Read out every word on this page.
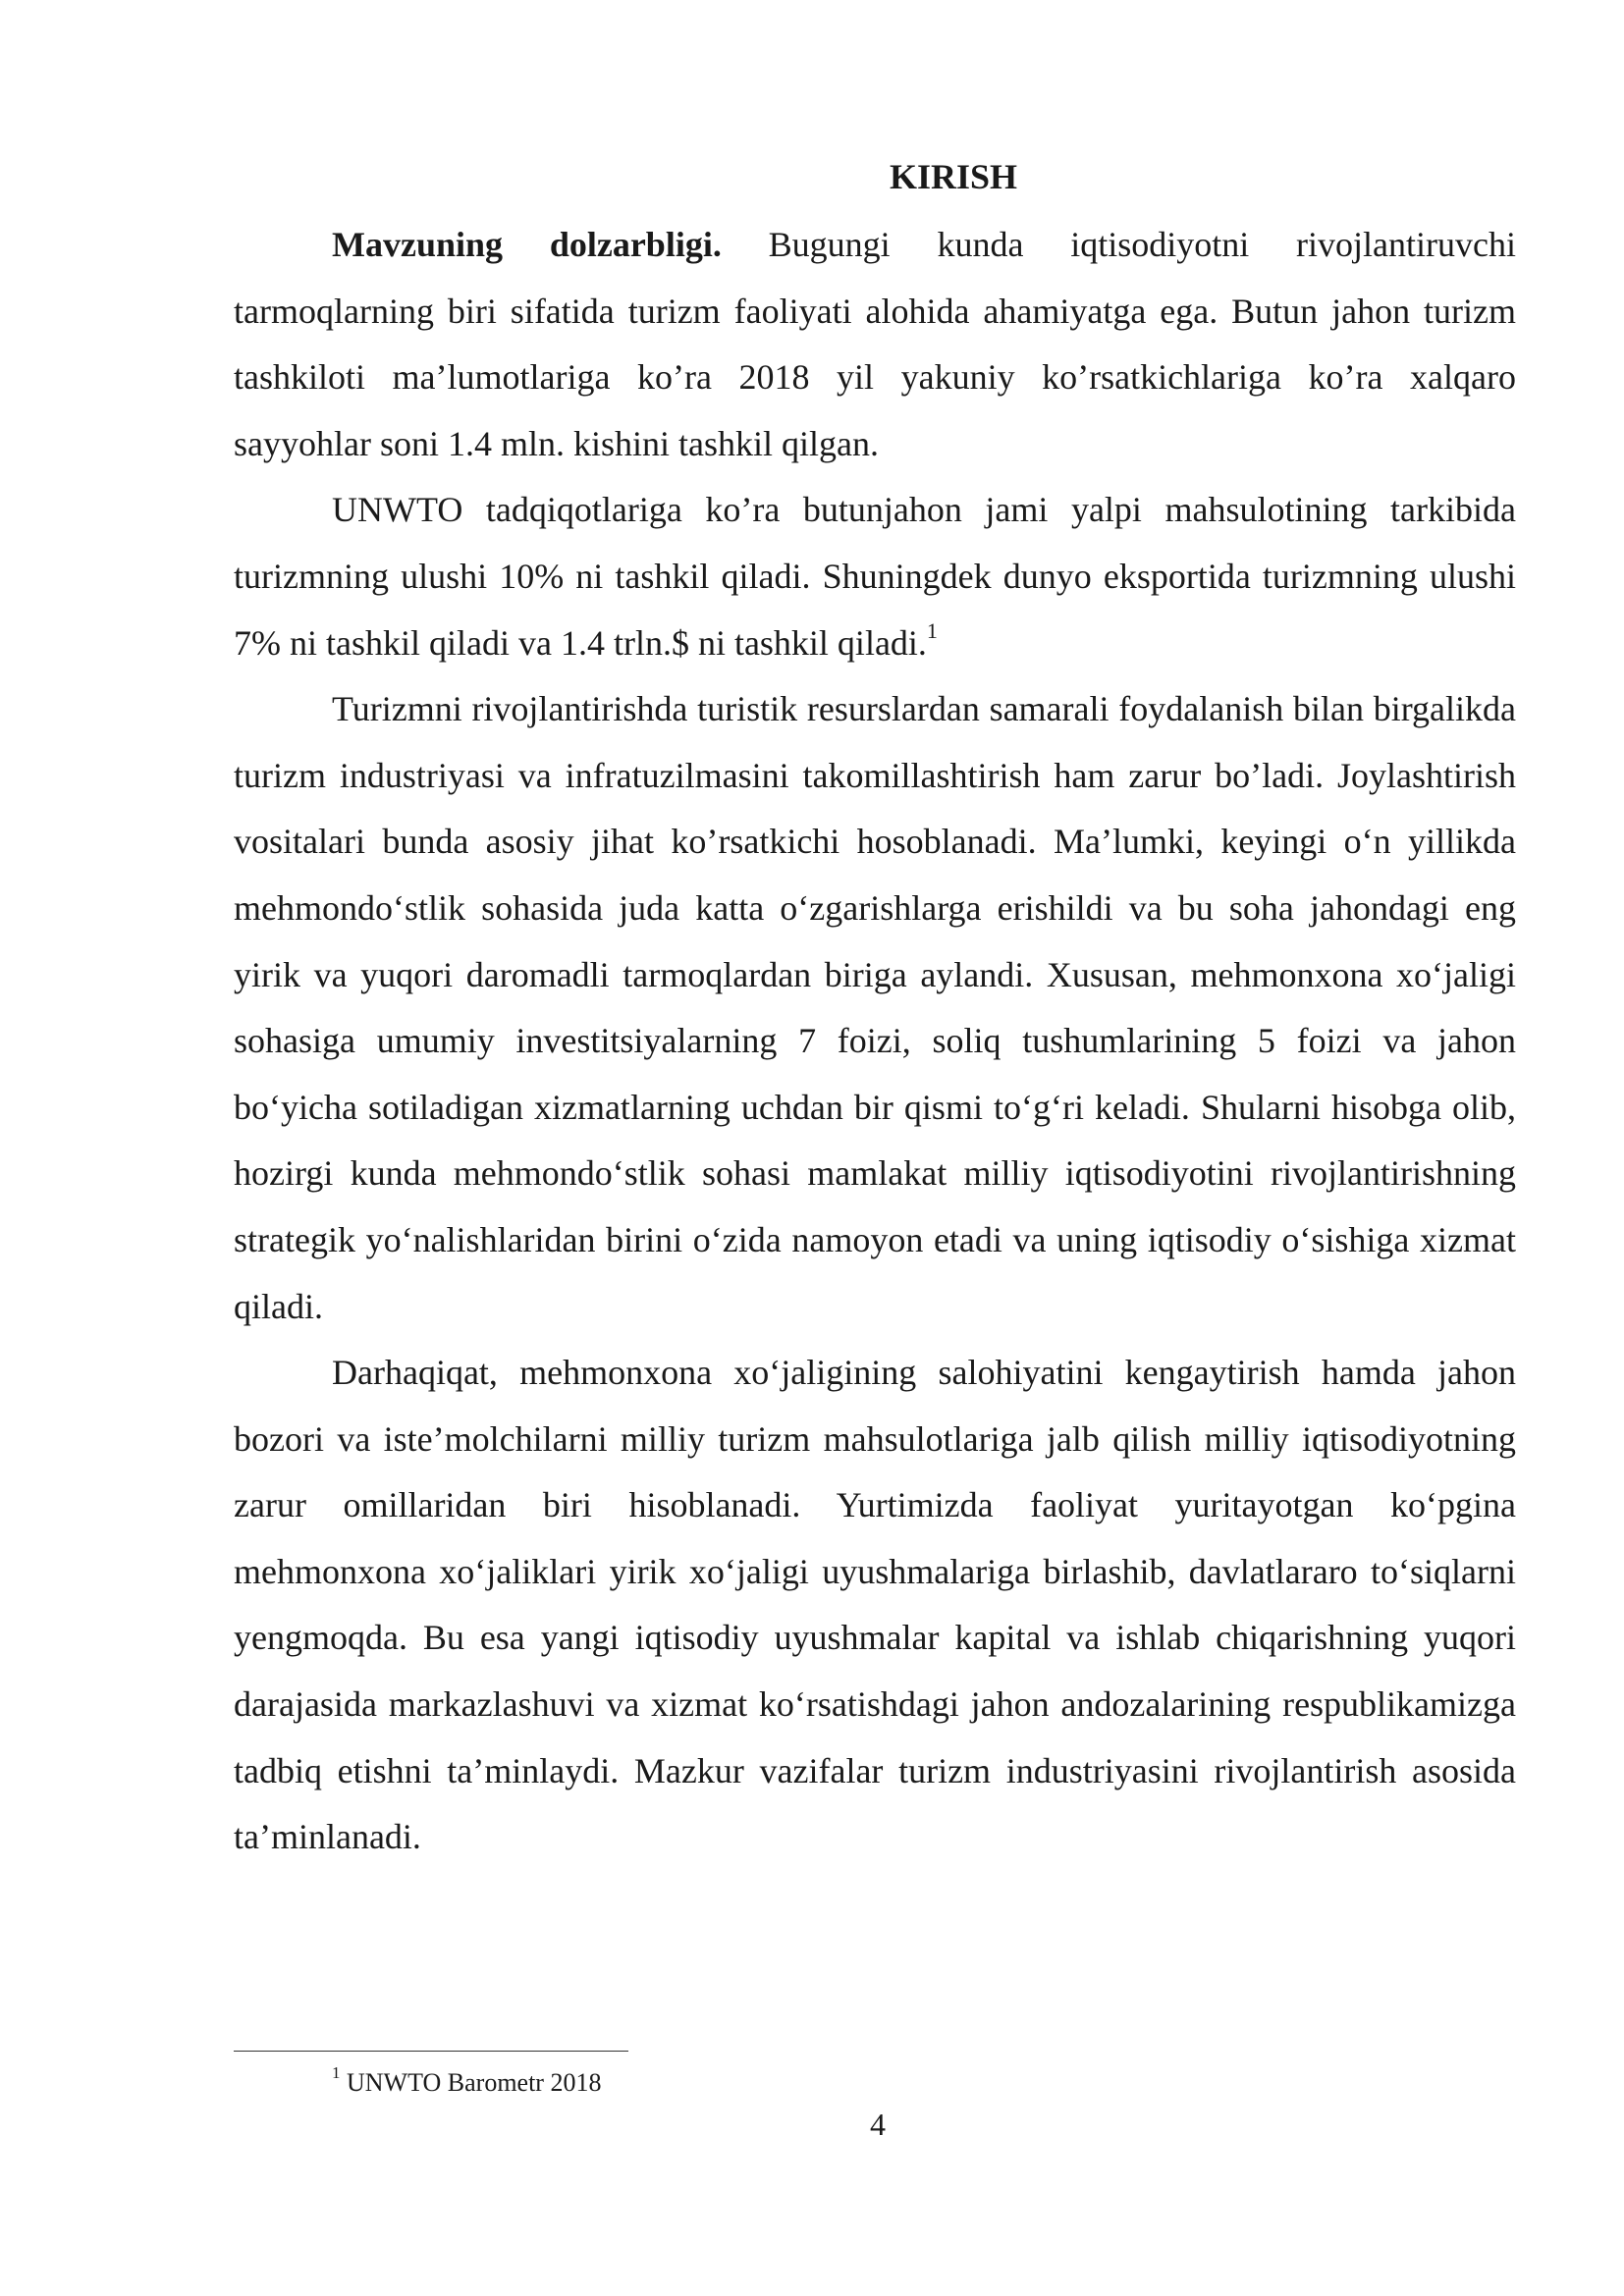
KIRISH

Mavzuning dolzarbligi. Bugungi kunda iqtisodiyotni rivojlantiruvchi tarmoqlarning biri sifatida turizm faoliyati alohida ahamiyatga ega. Butun jahon turizm tashkiloti ma’lumotlariga ko’ra 2018 yil yakuniy ko’rsatkichlariga ko’ra xalqaro sayyohlar soni 1.4 mln. kishini tashkil qilgan.

UNWTO tadqiqotlariga ko’ra butunjahon jami yalpi mahsulotining tarkibida turizmning ulushi 10% ni tashkil qiladi. Shuningdek dunyo eksportida turizmning ulushi 7% ni tashkil qiladi va 1.4 trln.$ ni tashkil qiladi.$^1$

Turizmni rivojlantirishda turistik resurslardan samarali foydalanish bilan birgalikda turizm industriyasi va infratuzilmasini takomillashtirish ham zarur bo’ladi. Joylashtirish vositalari bunda asosiy jihat ko’rsatkichi hosoblanadi. Ma’lumki, keyingi o‘n yillikda mehmondo‘stlik sohasida juda katta o‘zgarishlarga erishildi va bu soha jahondagi eng yirik va yuqori daromadli tarmoqlardan biriga aylandi. Xususan, mehmonxona xo‘jaligi sohasiga umumiy investitsiyalarning 7 foizi, soliq tushumlarining 5 foizi va jahon bo‘yicha sotiladigan xizmatlarning uchdan bir qismi to‘g‘ri keladi. Shularni hisobga olib, hozirgi kunda mehmondo‘stlik sohasi mamlakat milliy iqtisodiyotini rivojlantirishning strategik yo‘nalishlaridan birini o‘zida namoyon etadi va uning iqtisodiy o‘sishiga xizmat qiladi.

Darhaqiqat, mehmonxona xo‘jaligining salohiyatini kengaytirish hamda jahon bozori va iste’molchilarni milliy turizm mahsulotlariga jalb qilish milliy iqtisodiyotning zarur omillaridan biri hisoblanadi. Yurtimizda faoliyat yuritayotgan ko‘pgina mehmonxona xo‘jaliklari yirik xo‘jaligi uyushmalariga birlashib, davlatlararo to‘siqlarni yengmoqda. Bu esa yangi iqtisodiy uyushmalar kapital va ishlab chiqarishning yuqori darajasida markazlashuvi va xizmat ko‘rsatishdagi jahon andozalarining respublikamizga tadbiq etishni ta’minlaydi. Mazkur vazifalar turizm industriyasini rivojlantirish asosida ta’minlanadi.

$^1$ UNWTO Barometr 2018
4
